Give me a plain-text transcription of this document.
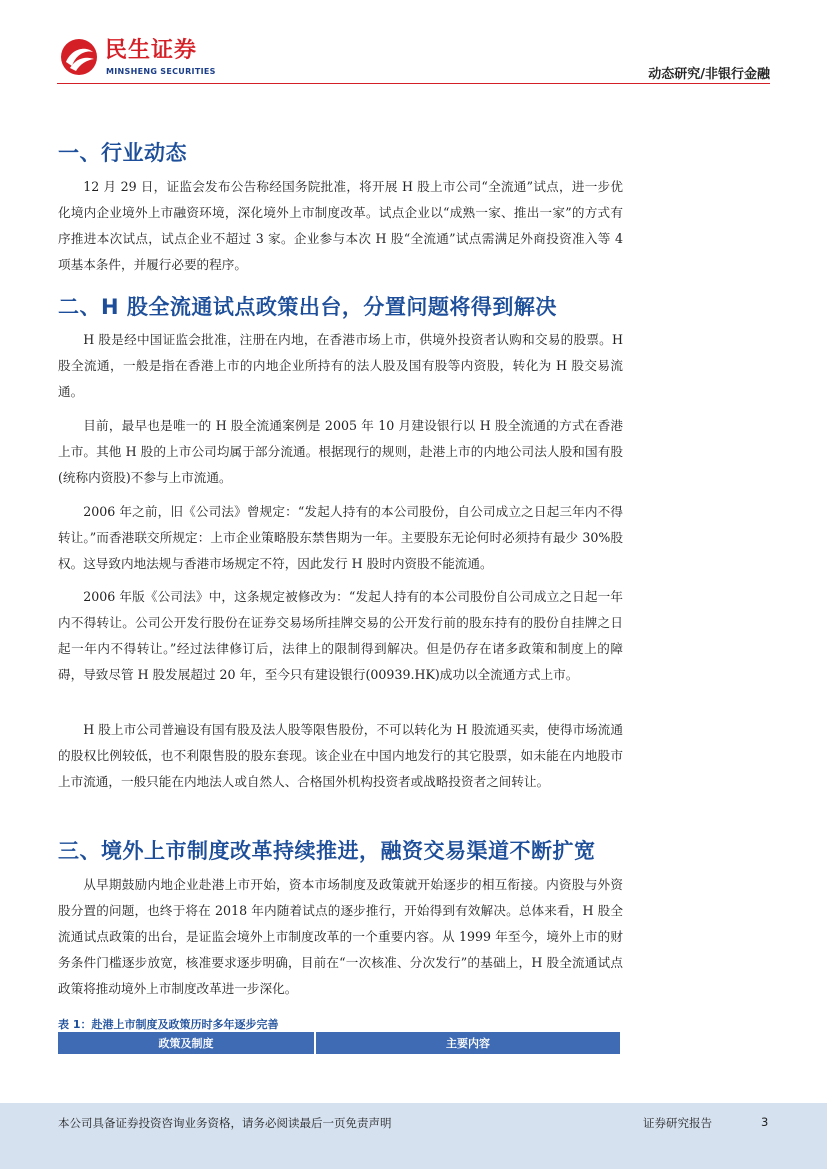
民生证券
MINSHENG SECURITIES	动态研究/非银行金融
一、行业动态

12 月 29 日，证监会发布公告称经国务院批准，将开展 H 股上市公司“全流通”试点，进一步优化境内企业境外上市融资环境，深化境外上市制度改革。试点企业以“成熟一家、推出一家”的方式有序推进本次试点，试点企业不超过 3 家。企业参与本次 H 股“全流通”试点需满足外商投资准入等 4 项基本条件，并履行必要的程序。

二、H 股全流通试点政策出台，分置问题将得到解决

H 股是经中国证监会批准，注册在内地，在香港市场上市，供境外投资者认购和交易的股票。H 股全流通，一般是指在香港上市的内地企业所持有的法人股及国有股等内资股，转化为 H 股交易流通。

目前，最早也是唯一的 H 股全流通案例是 2005 年 10 月建设银行以 H 股全流通的方式在香港上市。其他 H 股的上市公司均属于部分流通。根据现行的规则，赴港上市的内地公司法人股和国有股(统称内资股)不参与上市流通。

2006 年之前，旧《公司法》曾规定：“发起人持有的本公司股份，自公司成立之日起三年内不得转让。”而香港联交所规定：上市企业策略股东禁售期为一年。主要股东无论何时必须持有最少 30%股权。这导致内地法规与香港市场规定不符，因此发行 H 股时内资股不能流通。

2006 年版《公司法》中，这条规定被修改为：“发起人持有的本公司股份自公司成立之日起一年内不得转让。公司公开发行股份在证券交易场所挂牌交易的公开发行前的股东持有的股份自挂牌之日起一年内不得转让。”经过法律修订后，法律上的限制得到解决。但是仍存在诸多政策和制度上的障碍，导致尽管 H 股发展超过 20 年，至今只有建设银行(00939.HK)成功以全流通方式上市。

H 股上市公司普遍设有国有股及法人股等限售股份，不可以转化为 H 股流通买卖，使得市场流通的股权比例较低，也不利限售股的股东套现。该企业在中国内地发行的其它股票，如未能在内地股市上市流通，一般只能在内地法人或自然人、合格国外机构投资者或战略投资者之间转让。

三、境外上市制度改革持续推进，融资交易渠道不断扩宽

从早期鼓励内地企业赴港上市开始，资本市场制度及政策就开始逐步的相互衔接。内资股与外资股分置的问题，也终于将在 2018 年内随着试点的逐步推行，开始得到有效解决。总体来看，H 股全流通试点政策的出台，是证监会境外上市制度改革的一个重要内容。从 1999 年至今，境外上市的财务条件门槛逐步放宽，核准要求逐步明确，目前在“一次核准、分次发行”的基础上，H 股全流通试点政策将推动境外上市制度改革进一步深化。

表 1：赴港上市制度及政策历时多年逐步完善
政策及制度	主要内容
本公司具备证券投资咨询业务资格，请务必阅读最后一页免责声明	证券研究报告	3
